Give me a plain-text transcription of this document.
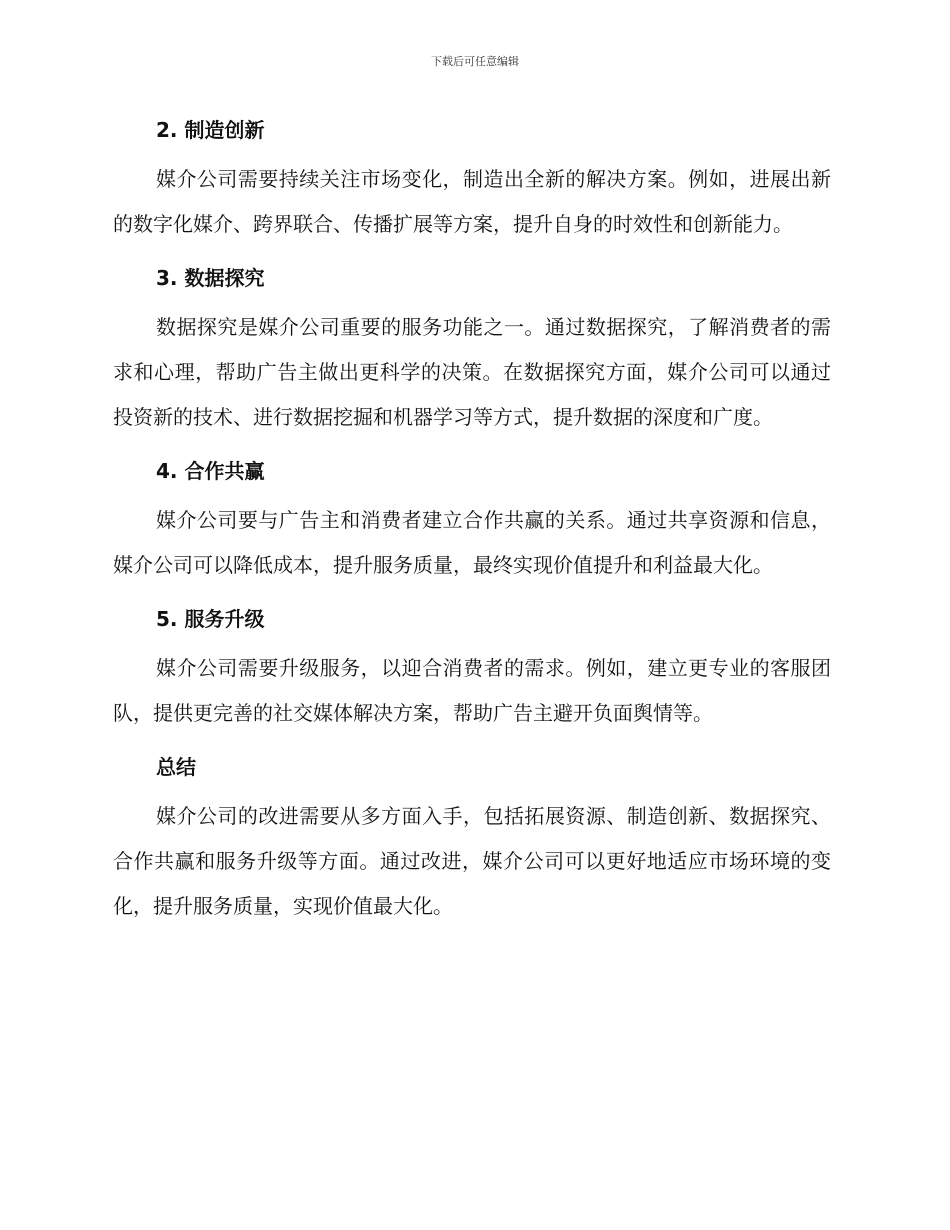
下载后可任意编辑
2. 制造创新

媒介公司需要持续关注市场变化，制造出全新的解决方案。例如，进展出新的数字化媒介、跨界联合、传播扩展等方案，提升自身的时效性和创新能力。

3. 数据探究

数据探究是媒介公司重要的服务功能之一。通过数据探究，了解消费者的需求和心理，帮助广告主做出更科学的决策。在数据探究方面，媒介公司可以通过投资新的技术、进行数据挖掘和机器学习等方式，提升数据的深度和广度。

4. 合作共赢

媒介公司要与广告主和消费者建立合作共赢的关系。通过共享资源和信息，媒介公司可以降低成本，提升服务质量，最终实现价值提升和利益最大化。

5. 服务升级

媒介公司需要升级服务，以迎合消费者的需求。例如，建立更专业的客服团队，提供更完善的社交媒体解决方案，帮助广告主避开负面舆情等。

总结

媒介公司的改进需要从多方面入手，包括拓展资源、制造创新、数据探究、合作共赢和服务升级等方面。通过改进，媒介公司可以更好地适应市场环境的变化，提升服务质量，实现价值最大化。
